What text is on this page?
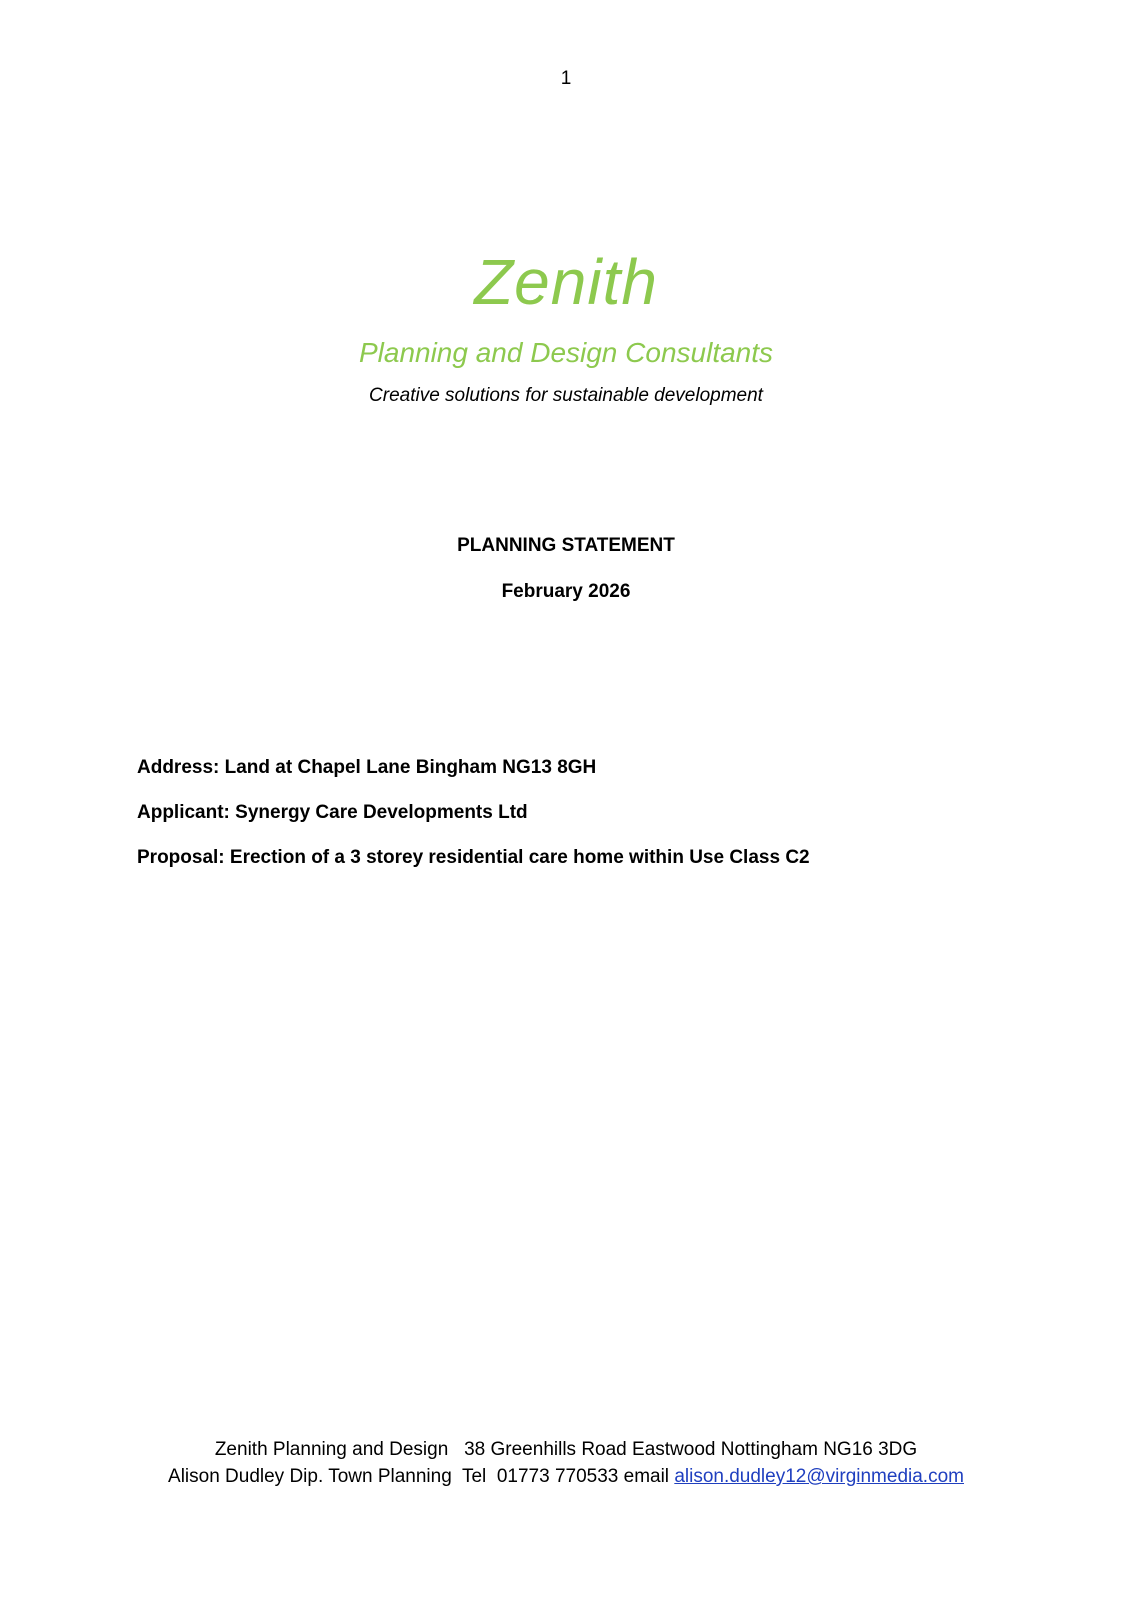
1
Zenith
Planning and Design Consultants
Creative solutions for sustainable development
PLANNING STATEMENT
February 2026

Address: Land at Chapel Lane Bingham NG13 8GH

Applicant: Synergy Care Developments Ltd

Proposal: Erection of a 3 storey residential care home within Use Class C2

Zenith Planning and Design   38 Greenhills Road Eastwood Nottingham NG16 3DG
Alison Dudley Dip. Town Planning  Tel  01773 770533 email alison.dudley12@virginmedia.com
